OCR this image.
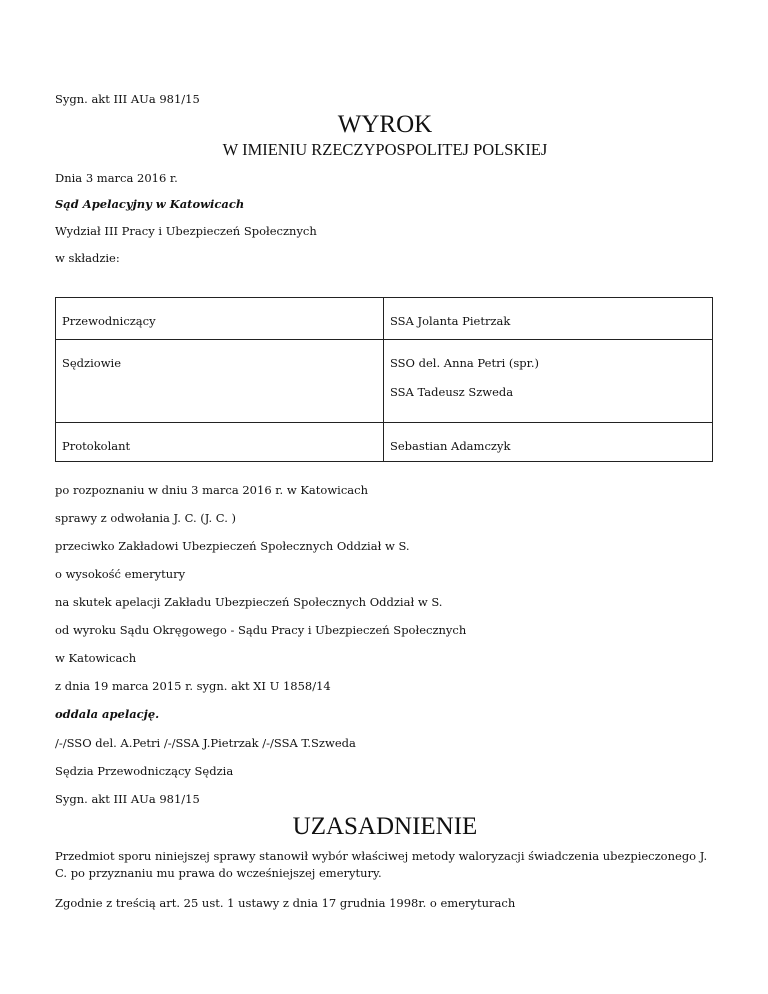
Sygn. akt III AUa 981/15

WYROK
W IMIENIU RZECZYPOSPOLITEJ POLSKIEJ

Dnia 3 marca 2016 r.

Sąd Apelacyjny w Katowicach

Wydział III Pracy i Ubezpieczeń Społecznych

w składzie:

Przewodniczący	SSA Jolanta Pietrzak
Sędziowie	SSO del. Anna Petri (spr.)
SSA Tadeusz Szweda

Protokolant	Sebastian Adamczyk

po rozpoznaniu w dniu 3 marca 2016 r. w Katowicach

sprawy z odwołania J. C. (J. C. )

przeciwko Zakładowi Ubezpieczeń Społecznych Oddział w S.

o wysokość emerytury

na skutek apelacji Zakładu Ubezpieczeń Społecznych Oddział w S.

od wyroku Sądu Okręgowego - Sądu Pracy i Ubezpieczeń Społecznych

w Katowicach

z dnia 19 marca 2015 r. sygn. akt XI U 1858/14

oddala apelację.

/-/SSO del. A.Petri /-/SSA J.Pietrzak /-/SSA T.Szweda

Sędzia Przewodniczący Sędzia

Sygn. akt III AUa 981/15

UZASADNIENIE

Przedmiot sporu niniejszej sprawy stanowił wybór właściwej metody waloryzacji świadczenia ubezpieczonego J. C. po przyznaniu mu prawa do wcześniejszej emerytury.

Zgodnie z treścią art. 25 ust. 1 ustawy z dnia 17 grudnia 1998r. o emeryturach
